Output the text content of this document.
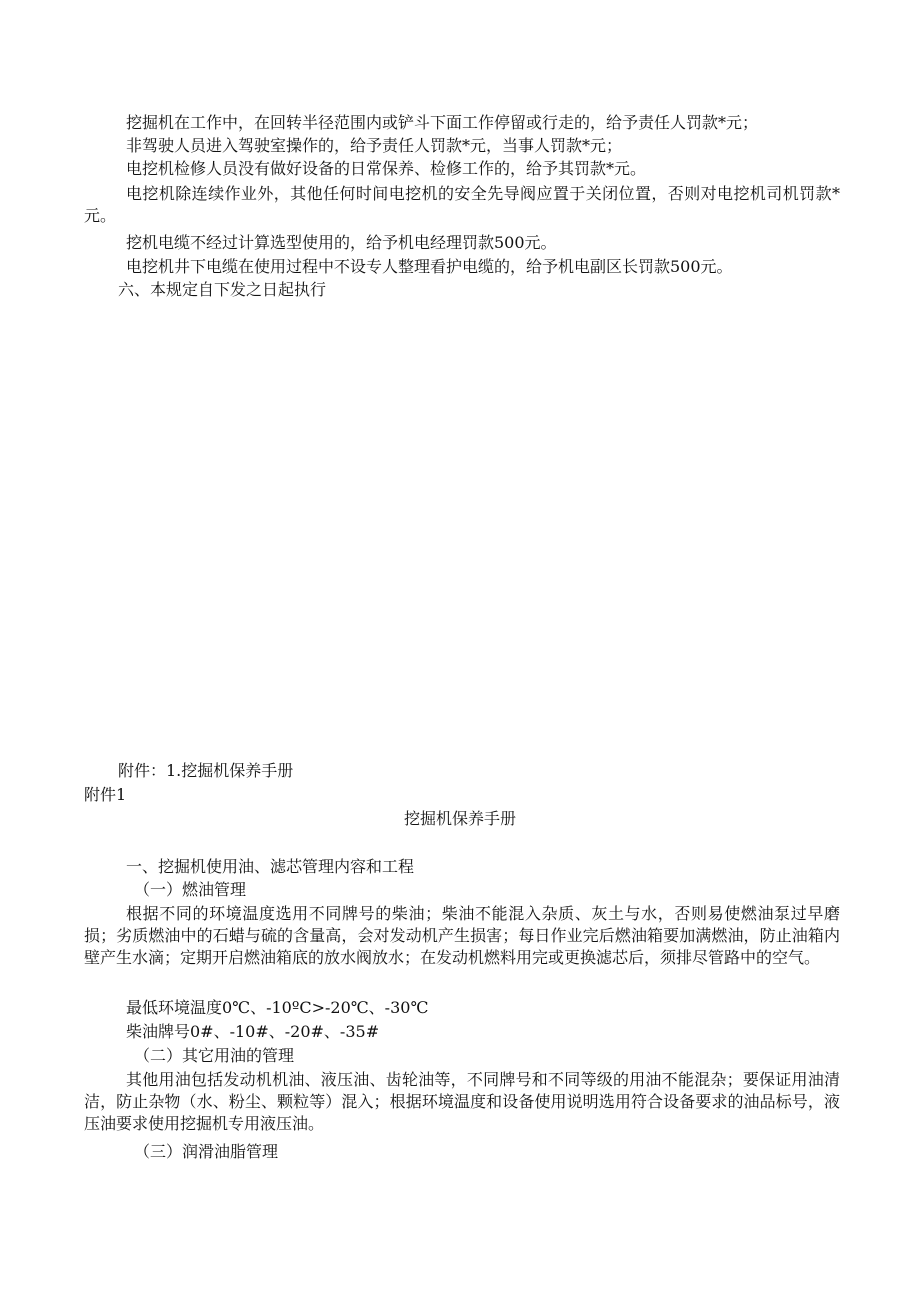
挖掘机在工作中，在回转半径范围内或铲斗下面工作停留或行走的，给予责任人罚款*元；

非驾驶人员进入驾驶室操作的，给予责任人罚款*元，当事人罚款*元；

电挖机检修人员没有做好设备的日常保养、检修工作的，给予其罚款*元。

电挖机除连续作业外，其他任何时间电挖机的安全先导阀应置于关闭位置，否则对电挖机司机罚款*元。

挖机电缆不经过计算选型使用的，给予机电经理罚款500元。

电挖机井下电缆在使用过程中不设专人整理看护电缆的，给予机电副区长罚款500元。

六、本规定自下发之日起执行

附件：1.挖掘机保养手册

附件1

挖掘机保养手册

一、挖掘机使用油、滤芯管理内容和工程

（一）燃油管理

根据不同的环境温度选用不同牌号的柴油；柴油不能混入杂质、灰土与水，否则易使燃油泵过早磨损；劣质燃油中的石蜡与硫的含量高，会对发动机产生损害；每日作业完后燃油箱要加满燃油，防止油箱内壁产生水滴；定期开启燃油箱底的放水阀放水；在发动机燃料用完或更换滤芯后，须排尽管路中的空气。

最低环境温度0℃、-10ºC>-20℃、-30℃

柴油牌号0#、-10#、-20#、-35#

（二）其它用油的管理

其他用油包括发动机机油、液压油、齿轮油等，不同牌号和不同等级的用油不能混杂；要保证用油清洁，防止杂物（水、粉尘、颗粒等）混入；根据环境温度和设备使用说明选用符合设备要求的油品标号，液压油要求使用挖掘机专用液压油。

（三）润滑油脂管理
